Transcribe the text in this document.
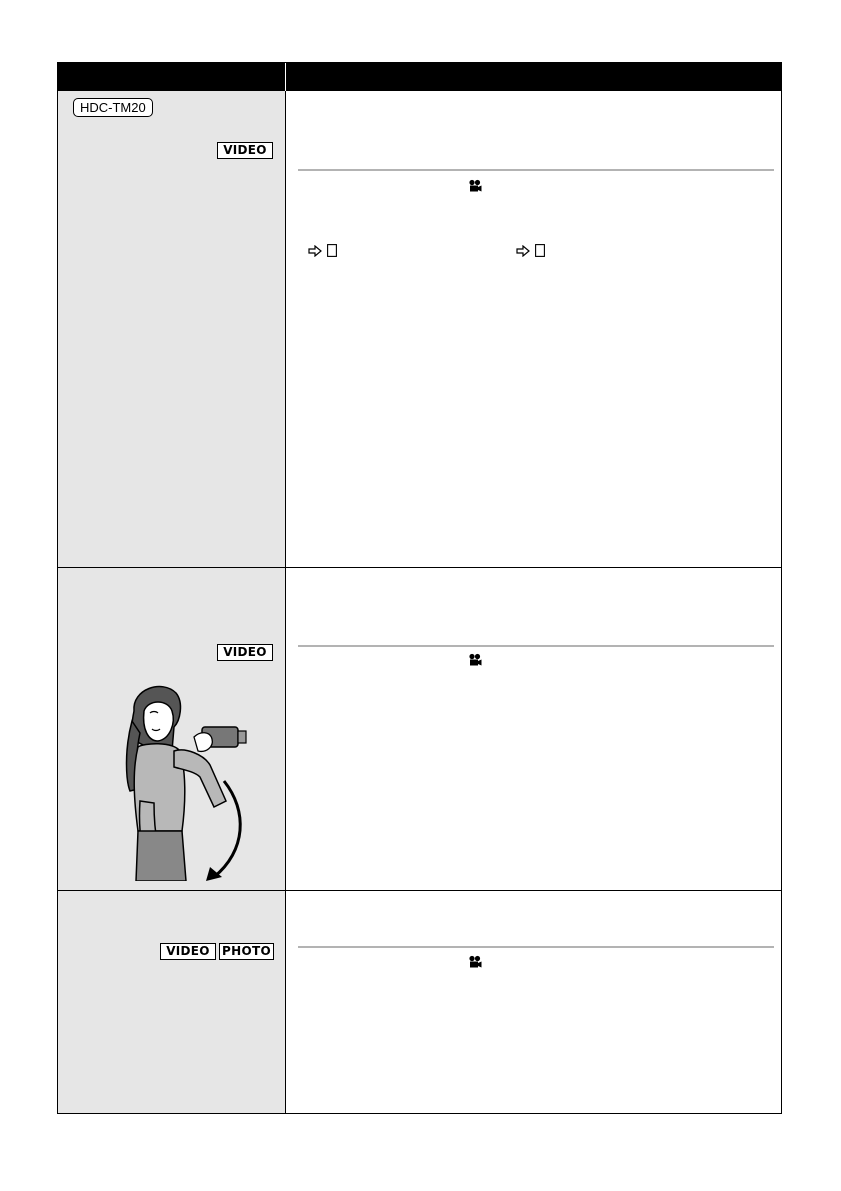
HDC-TM20
VIDEO
VIDEO
VIDEO	PHOTO
